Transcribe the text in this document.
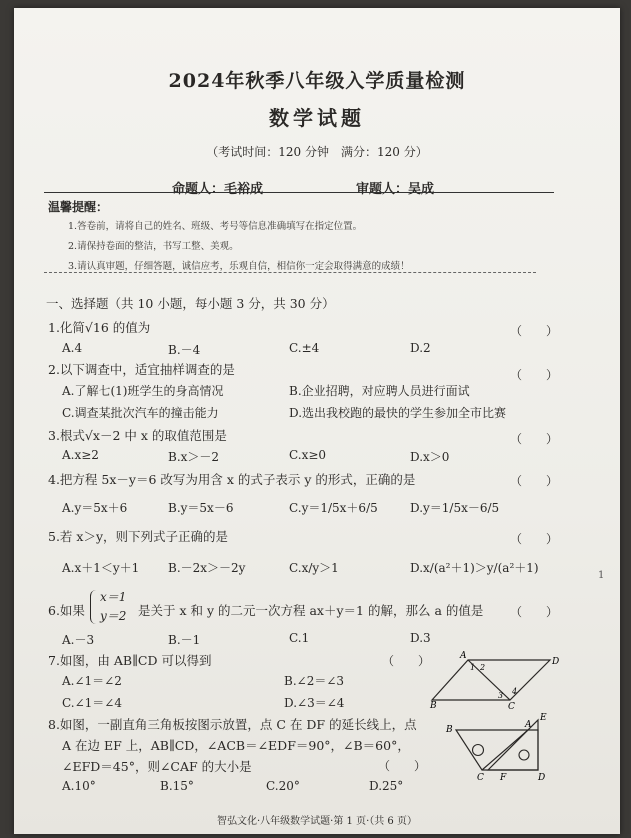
2024年秋季八年级入学质量检测
数学试题
（考试时间：120 分钟　满分：120 分）
命题人：毛裕成	审题人：吴成
温馨提醒：
1.答卷前，请将自己的姓名、班级、考号等信息准确填写在指定位置。
2.请保持卷面的整洁，书写工整、美观。
3.请认真审题，仔细答题，诚信应考，乐观自信，相信你一定会取得满意的成绩！
一、选择题（共 10 小题，每小题 3 分，共 30 分）
1.化简√16 的值为	（　　）
A.4	B.－4	C.±4	D.2
2.以下调查中，适宜抽样调查的是	（　　）
A.了解七(1)班学生的身高情况	B.企业招聘，对应聘人员进行面试
C.调查某批次汽车的撞击能力	D.选出我校跑的最快的学生参加全市比赛
3.根式√x－2 中 x 的取值范围是	（　　）
A.x≥2	B.x＞－2	C.x≥0	D.x＞0
4.把方程 5x－y＝6 改写为用含 x 的式子表示 y 的形式，正确的是	（　　）
A.y＝5x＋6	B.y＝5x－6	C.y＝1/5x＋6/5	D.y＝1/5x－6/5
5.若 x＞y，则下列式子正确的是	（　　）
A.x＋1＜y＋1 B.－2x＞－2y	C.x/y＞1	D.x/(a²＋1)＞y/(a²＋1)
6.如果
x＝1
y＝2 是关于 x 和 y 的二元一次方程 ax＋y＝1 的解，那么 a 的值是 （　　）
A.－3	B.－1	C.1	D.3
7.如图，由 AB∥CD 可以得到	（　　）
A.∠1＝∠2	B.∠2＝∠3
C.∠1＝∠4	D.∠3＝∠4
A
D
B	C
1 2
3 4
8.如图，一副直角三角板按图示放置，点 C 在 DF 的延长线上，点
A 在边 EF 上，AB∥CD，∠ACB＝∠EDF＝90°，∠B＝60°，
∠EFD＝45°，则∠CAF 的大小是	（　　）
A.10°	B.15°	C.20°	D.25°
B	A
E
C F	D
智弘文化·八年级数学试题·第 1 页·（共 6 页）
1
